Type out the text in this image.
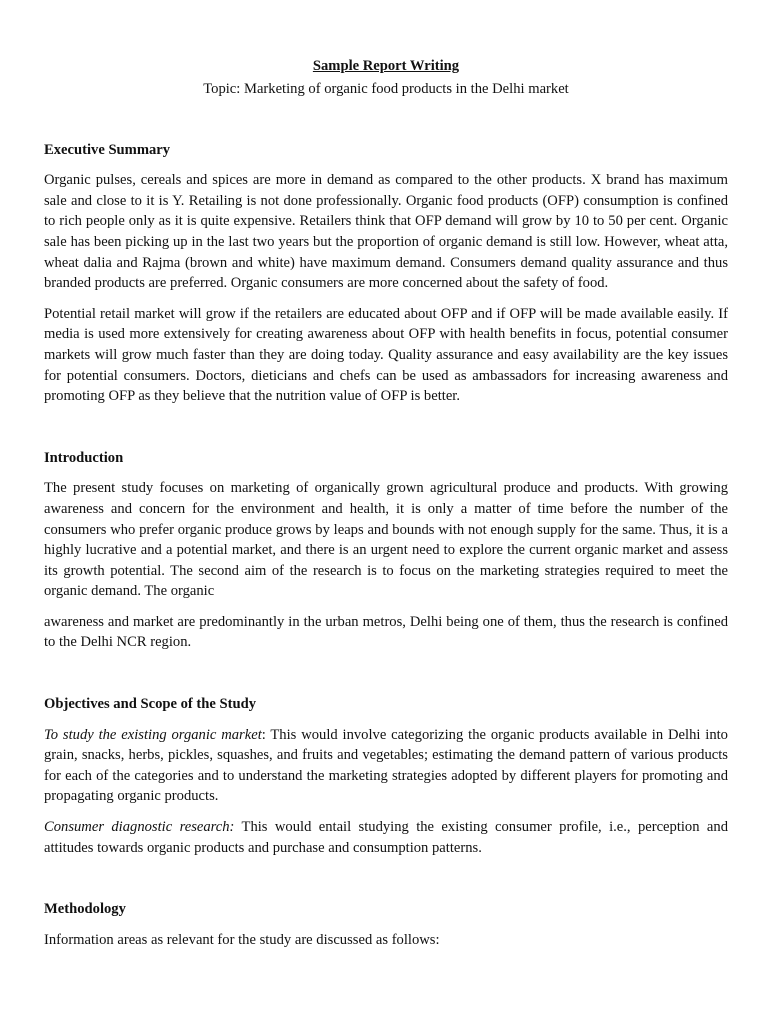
Sample Report Writing
Topic: Marketing of organic food products in the Delhi market
Executive Summary

Organic pulses, cereals and spices are more in demand as compared to the other products. X brand has maximum sale and close to it is Y. Retailing is not done professionally. Organic food products (OFP) consumption is confined to rich people only as it is quite expensive. Retailers think that OFP demand will grow by 10 to 50 per cent. Organic sale has been picking up in the last two years but the proportion of organic demand is still low. However, wheat atta, wheat dalia and Rajma (brown and white) have maximum demand. Consumers demand quality assurance and thus branded products are preferred. Organic consumers are more concerned about the safety of food.

Potential retail market will grow if the retailers are educated about OFP and if OFP will be made available easily. If media is used more extensively for creating awareness about OFP with health benefits in focus, potential consumer markets will grow much faster than they are doing today. Quality assurance and easy availability are the key issues for potential consumers. Doctors, dieticians and chefs can be used as ambassadors for increasing awareness and promoting OFP as they believe that the nutrition value of OFP is better.

Introduction

The present study focuses on marketing of organically grown agricultural produce and products. With growing awareness and concern for the environment and health, it is only a matter of time before the number of the consumers who prefer organic produce grows by leaps and bounds with not enough supply for the same. Thus, it is a highly lucrative and a potential market, and there is an urgent need to explore the current organic market and assess its growth potential. The second aim of the research is to focus on the marketing strategies required to meet the organic demand. The organic

awareness and market are predominantly in the urban metros, Delhi being one of them, thus the research is confined to the Delhi NCR region.

Objectives and Scope of the Study

To study the existing organic market: This would involve categorizing the organic products available in Delhi into grain, snacks, herbs, pickles, squashes, and fruits and vegetables; estimating the demand pattern of various products for each of the categories and to understand the marketing strategies adopted by different players for promoting and propagating organic products.

Consumer diagnostic research: This would entail studying the existing consumer profile, i.e., perception and attitudes towards organic products and purchase and consumption patterns.

Methodology

Information areas as relevant for the study are discussed as follows:
